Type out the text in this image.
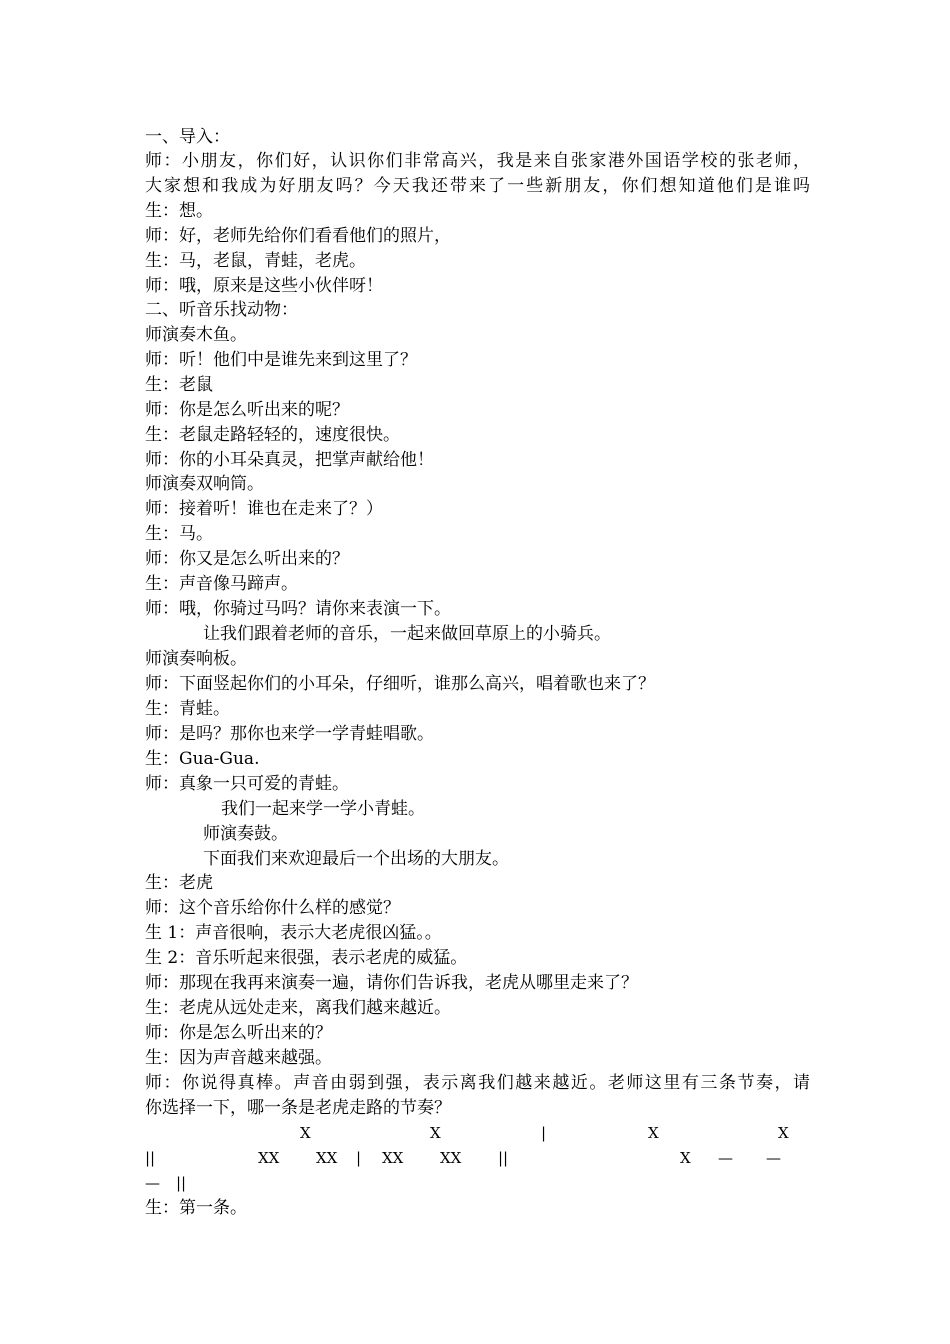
一、导入：
师：小朋友，你们好，认识你们非常高兴，我是来自张家港外国语学校的张老师，
大家想和我成为好朋友吗？今天我还带来了一些新朋友，你们想知道他们是谁吗
生：想。
师：好，老师先给你们看看他们的照片，
生：马，老鼠，青蛙，老虎。
师：哦，原来是这些小伙伴呀！
二、听音乐找动物：
师演奏木鱼。
师：听！他们中是谁先来到这里了？
生：老鼠
师：你是怎么听出来的呢？
生：老鼠走路轻轻的，速度很快。
师：你的小耳朵真灵，把掌声献给他！
师演奏双响筒。
师：接着听！谁也在走来了？）
生：马。
师：你又是怎么听出来的？
生：声音像马蹄声。
师：哦，你骑过马吗？请你来表演一下。
让我们跟着老师的音乐，一起来做回草原上的小骑兵。
师演奏响板。
师：下面竖起你们的小耳朵，仔细听，谁那么高兴，唱着歌也来了？
生：青蛙。
师：是吗？那你也来学一学青蛙唱歌。
生：Gua-Gua.
师：真象一只可爱的青蛙。
我们一起来学一学小青蛙。
师演奏鼓。
下面我们来欢迎最后一个出场的大朋友。
生：老虎
师：这个音乐给你什么样的感觉？
生 1：声音很响，表示大老虎很凶猛。。
生 2：音乐听起来很强，表示老虎的威猛。
师：那现在我再来演奏一遍，请你们告诉我，老虎从哪里走来了？
生：老虎从远处走来，离我们越来越近。
师：你是怎么听出来的？
生：因为声音越来越强。
师：你说得真棒。声音由弱到强，表示离我们越来越近。老师这里有三条节奏，请
你选择一下，哪一条是老虎走路的节奏？
X	X	|	X	X
||	XX XX | XX XX ||	X — —
— ||
生：第一条。
